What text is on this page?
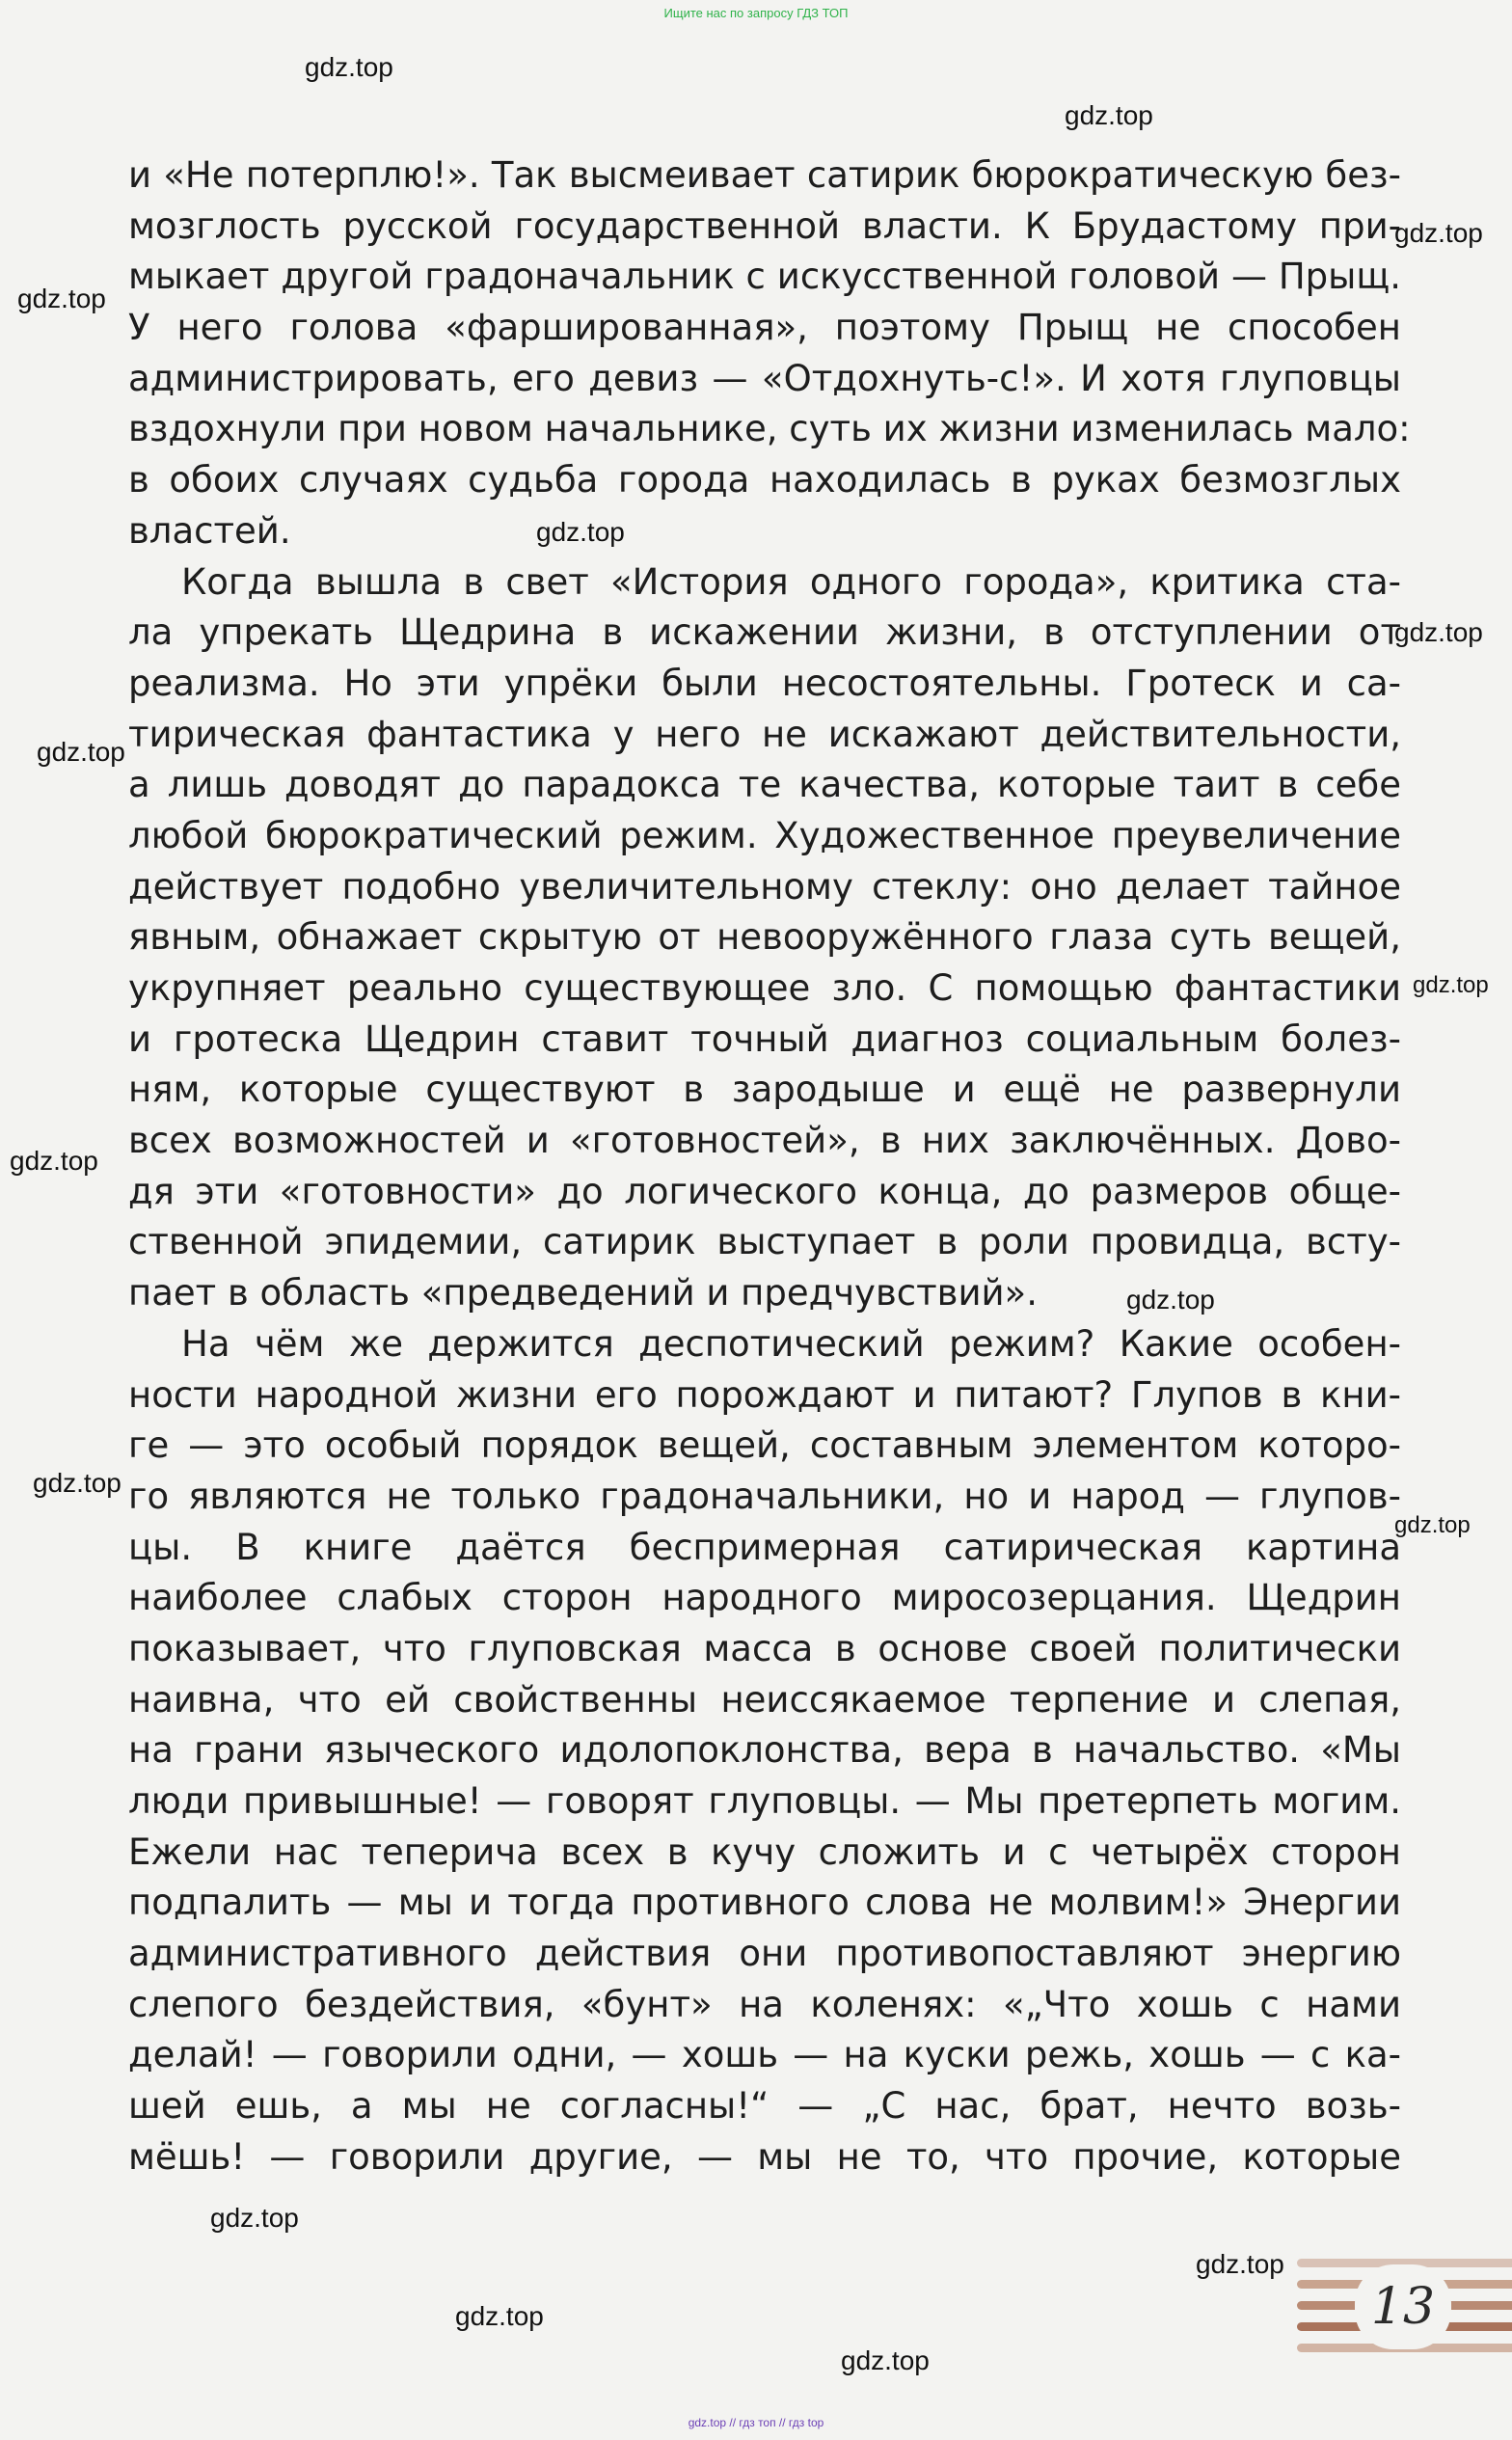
Ищите нас по запросу ГДЗ ТОП
и «Не потерплю!». Так высмеивает сатирик бюрократическую без-
мозглость русской государственной власти. К Брудастому при-
мыкает другой градоначальник с искусственной головой — Прыщ.
У него голова «фаршированная», поэтому Прыщ не способен
администрировать, его девиз — «Отдохнуть-с!». И хотя глуповцы
вздохнули при новом начальнике, суть их жизни изменилась мало:
в обоих случаях судьба города находилась в руках безмозглых
властей.
Когда вышла в свет «История одного города», критика ста-
ла упрекать Щедрина в искажении жизни, в отступлении от
реализма. Но эти упрёки были несостоятельны. Гротеск и са-
тирическая фантастика у него не искажают действительности,
а лишь доводят до парадокса те качества, которые таит в себе
любой бюрократический режим. Художественное преувеличение
действует подобно увеличительному стеклу: оно делает тайное
явным, обнажает скрытую от невооружённого глаза суть вещей,
укрупняет реально существующее зло. С помощью фантастики
и гротеска Щедрин ставит точный диагноз социальным болез-
ням, которые существуют в зародыше и ещё не развернули
всех возможностей и «готовностей», в них заключённых. Дово-
дя эти «готовности» до логического конца, до размеров обще-
ственной эпидемии, сатирик выступает в роли провидца, всту-
пает в область «предведений и предчувствий».
На чём же держится деспотический режим? Какие особен-
ности народной жизни его порождают и питают? Глупов в кни-
ге — это особый порядок вещей, составным элементом которо-
го являются не только градоначальники, но и народ — глупов-
цы. В книге даётся беспримерная сатирическая картина
наиболее слабых сторон народного миросозерцания. Щедрин
показывает, что глуповская масса в основе своей политически
наивна, что ей свойственны неиссякаемое терпение и слепая,
на грани языческого идолопоклонства, вера в начальство. «Мы
люди привышные! — говорят глуповцы. — Мы претерпеть могим.
Ежели нас теперича всех в кучу сложить и с четырёх сторон
подпалить — мы и тогда противного слова не молвим!» Энергии
административного действия они противопоставляют энергию
слепого бездействия, «бунт» на коленях: «„Что хошь с нами
делай! — говорили одни, — хошь — на куски режь, хошь — с ка-
шей ешь, а мы не согласны!“ — „С нас, брат, нечто возь-
мёшь! — говорили другие, — мы не то, что прочие, которые
gdz.top
gdz.top
gdz.top
gdz.top
gdz.top
gdz.top
gdz.top
gdz.top
gdz.top
gdz.top
gdz.top
gdz.top
gdz.top
gdz.top
gdz.top
gdz.top
13
gdz.top // гдз топ // гдз top
